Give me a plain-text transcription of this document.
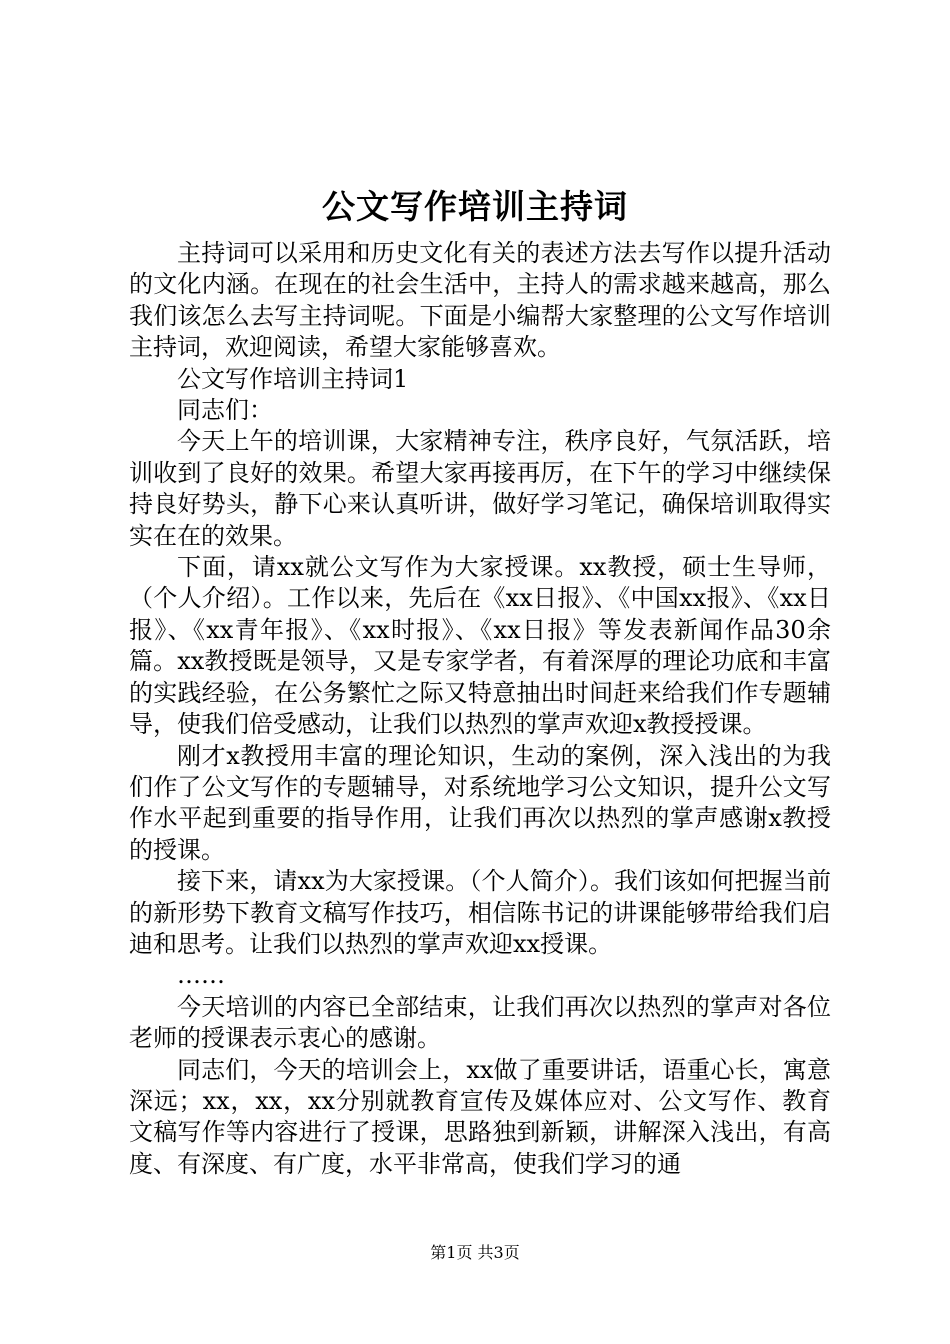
公文写作培训主持词

主持词可以采用和历史文化有关的表述方法去写作以提升活动的文化内涵。在现在的社会生活中，主持人的需求越来越高，那么我们该怎么去写主持词呢。下面是小编帮大家整理的公文写作培训主持词，欢迎阅读，希望大家能够喜欢。

公文写作培训主持词1

同志们：

今天上午的培训课，大家精神专注，秩序良好，气氛活跃，培训收到了良好的效果。希望大家再接再厉，在下午的学习中继续保持良好势头，静下心来认真听讲，做好学习笔记，确保培训取得实实在在的效果。

下面，请xx就公文写作为大家授课。xx教授，硕士生导师，（个人介绍）。工作以来，先后在《xx日报》、《中国xx报》、《xx日报》、《xx青年报》、《xx时报》、《xx日报》等发表新闻作品30余篇。xx教授既是领导，又是专家学者，有着深厚的理论功底和丰富的实践经验，在公务繁忙之际又特意抽出时间赶来给我们作专题辅导，使我们倍受感动，让我们以热烈的掌声欢迎x教授授课。

刚才x教授用丰富的理论知识，生动的案例，深入浅出的为我们作了公文写作的专题辅导，对系统地学习公文知识，提升公文写作水平起到重要的指导作用，让我们再次以热烈的掌声感谢x教授的授课。

接下来，请xx为大家授课。（个人简介）。我们该如何把握当前的新形势下教育文稿写作技巧，相信陈书记的讲课能够带给我们启迪和思考。让我们以热烈的掌声欢迎xx授课。

……

今天培训的内容已全部结束，让我们再次以热烈的掌声对各位老师的授课表示衷心的感谢。

同志们，今天的培训会上，xx做了重要讲话，语重心长，寓意深远；xx，xx，xx分别就教育宣传及媒体应对、公文写作、教育文稿写作等内容进行了授课，思路独到新颖，讲解深入浅出，有高度、有深度、有广度，水平非常高，使我们学习的通

第1页 共3页
